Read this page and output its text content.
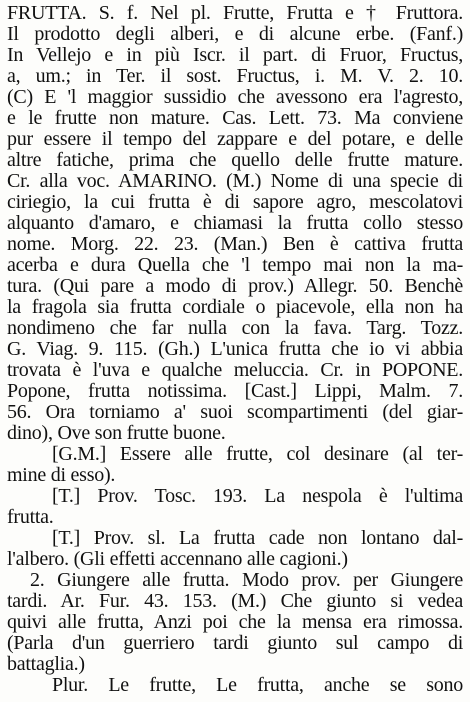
FRUTTA. S. f. Nel pl. Frutte, Frutta e † Fruttora.
Il prodotto degli alberi, e di alcune erbe. (Fanf.)
In Vellejo e in più Iscr. il part. di Fruor, Fructus,
a, um.; in Ter. il sost. Fructus, i. M. V. 2. 10.
(C) E 'l maggior sussidio che avessono era l'agresto,
e le frutte non mature. Cas. Lett. 73. Ma conviene
pur essere il tempo del zappare e del potare, e delle
altre fatiche, prima che quello delle frutte mature.
Cr. alla voc. AMARINO. (M.) Nome di una specie di
ciriegio, la cui frutta è di sapore agro, mescolatovi
alquanto d'amaro, e chiamasi la frutta collo stesso
nome. Morg. 22. 23. (Man.) Ben è cattiva frutta
acerba e dura Quella che 'l tempo mai non la ma-
tura. (Qui pare a modo di prov.) Allegr. 50. Benchè
la fragola sia frutta cordiale o piacevole, ella non ha
nondimeno che far nulla con la fava. Targ. Tozz.
G. Viag. 9. 115. (Gh.) L'unica frutta che io vi abbia
trovata è l'uva e qualche meluccia. Cr. in POPONE.
Popone, frutta notissima. [Cast.] Lippi, Malm. 7.
56. Ora torniamo a' suoi scompartimenti (del giar-
dino), Ove son frutte buone.
[G.M.] Essere alle frutte, col desinare (al ter-
mine di esso).
[T.] Prov. Tosc. 193. La nespola è l'ultima
frutta.
[T.] Prov. sl. La frutta cade non lontano dal-
l'albero. (Gli effetti accennano alle cagioni.)
2. Giungere alle frutta. Modo prov. per Giungere
tardi. Ar. Fur. 43. 153. (M.) Che giunto si vedea
quivi alle frutta, Anzi poi che la mensa era rimossa.
(Parla d'un guerriero tardi giunto sul campo di
battaglia.)
Plur. Le frutte, Le frutta, anche se sono
